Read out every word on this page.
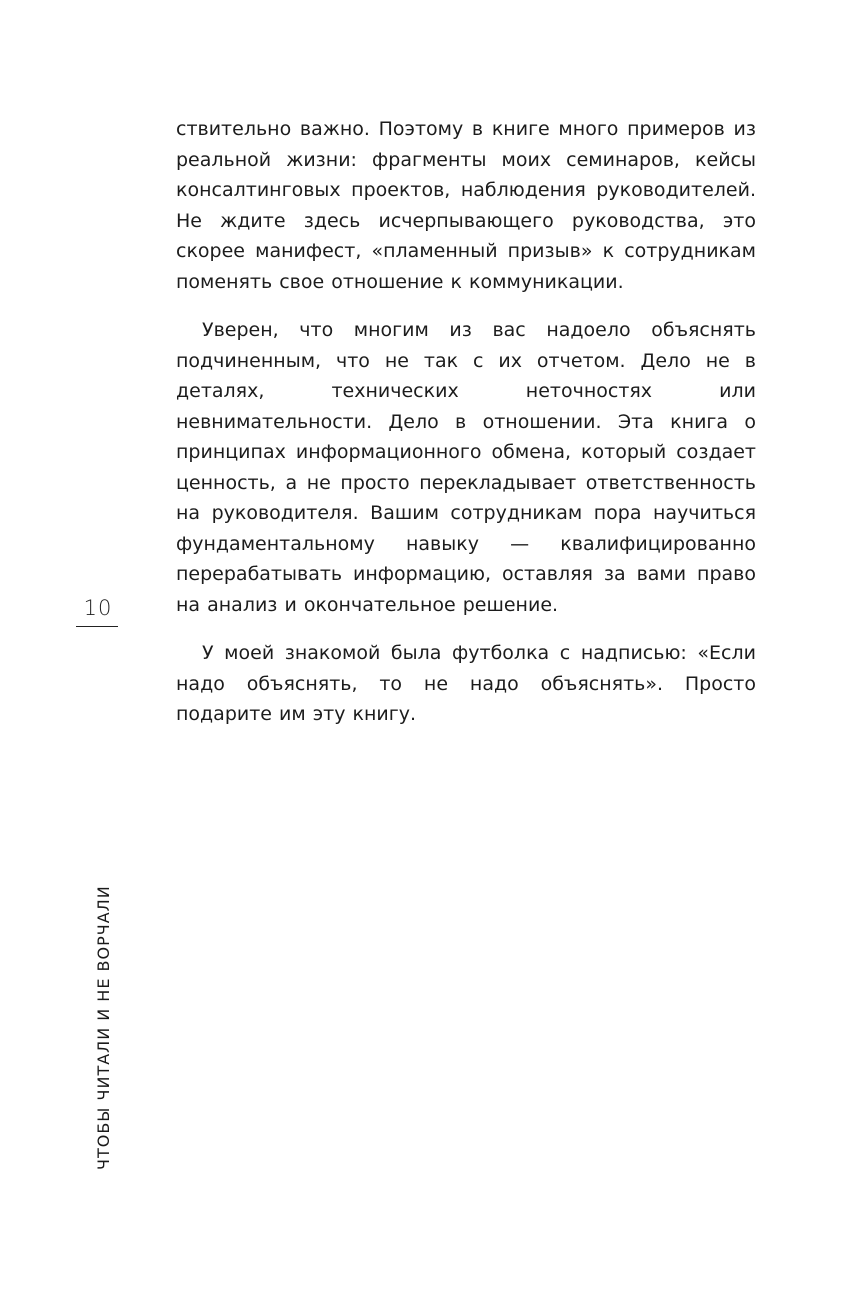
10
ЧТОБЫ ЧИТАЛИ И НЕ ВОРЧАЛИ

ствительно важно. Поэтому в книге много примеров из реальной жизни: фрагменты моих семинаров, кейсы консалтинговых проектов, наблюдения руководителей. Не ждите здесь исчерпывающего руководства, это скорее манифест, «пламенный призыв» к сотрудникам поменять свое отношение к коммуникации.

Уверен, что многим из вас надоело объяснять подчиненным, что не так с их отчетом. Дело не в деталях, технических неточностях или невнимательности. Дело в отношении. Эта книга о принципах информационного обмена, который создает ценность, а не просто перекладывает ответственность на руководителя. Вашим сотрудникам пора научиться фундаментальному навыку — квалифицированно перерабатывать информацию, оставляя за вами право на анализ и окончательное решение.

У моей знакомой была футболка с надписью: «Если надо объяснять, то не надо объяснять». Просто подарите им эту книгу.
